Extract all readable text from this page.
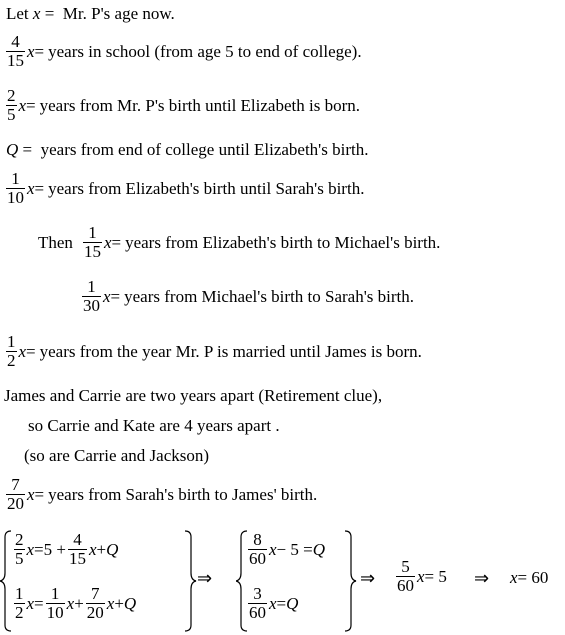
Let x =  Mr. P's age now.
$\frac{4}{15}$ x = years in school (from age 5 to end of college).
$\frac{2}{5}$ x = years from Mr. P's birth until Elizabeth is born.
Q =  years from end of college until Elizabeth's birth.
$\frac{1}{10}$ x = years from Elizabeth's birth until Sarah's birth.
Then $\frac{1}{15}$ x = years from Elizabeth's birth to Michael's birth.
$\frac{1}{30}$ x = years from Michael's birth to Sarah's birth.
$\frac{1}{2}$ x = years from the year Mr. P is married until James is born.
James and Carrie are two years apart (Retirement clue),
so Carrie and Kate are 4 years apart .
(so are Carrie and Jackson)
$\frac{7}{20}$ x = years from Sarah's birth to James' birth.
$\frac{2}{5}$ $x = 5 + \frac{4}{15}$ x + Q
$\frac{1}{2}$ $x = \frac{1}{10}$ $x + \frac{7}{20}$ x + Q
⇒
$\frac{8}{60}$ x − 5 = Q
$\frac{3}{60}$ x = Q
⇒ $\frac{5}{60}$ x = 5 ⇒ x = 60
